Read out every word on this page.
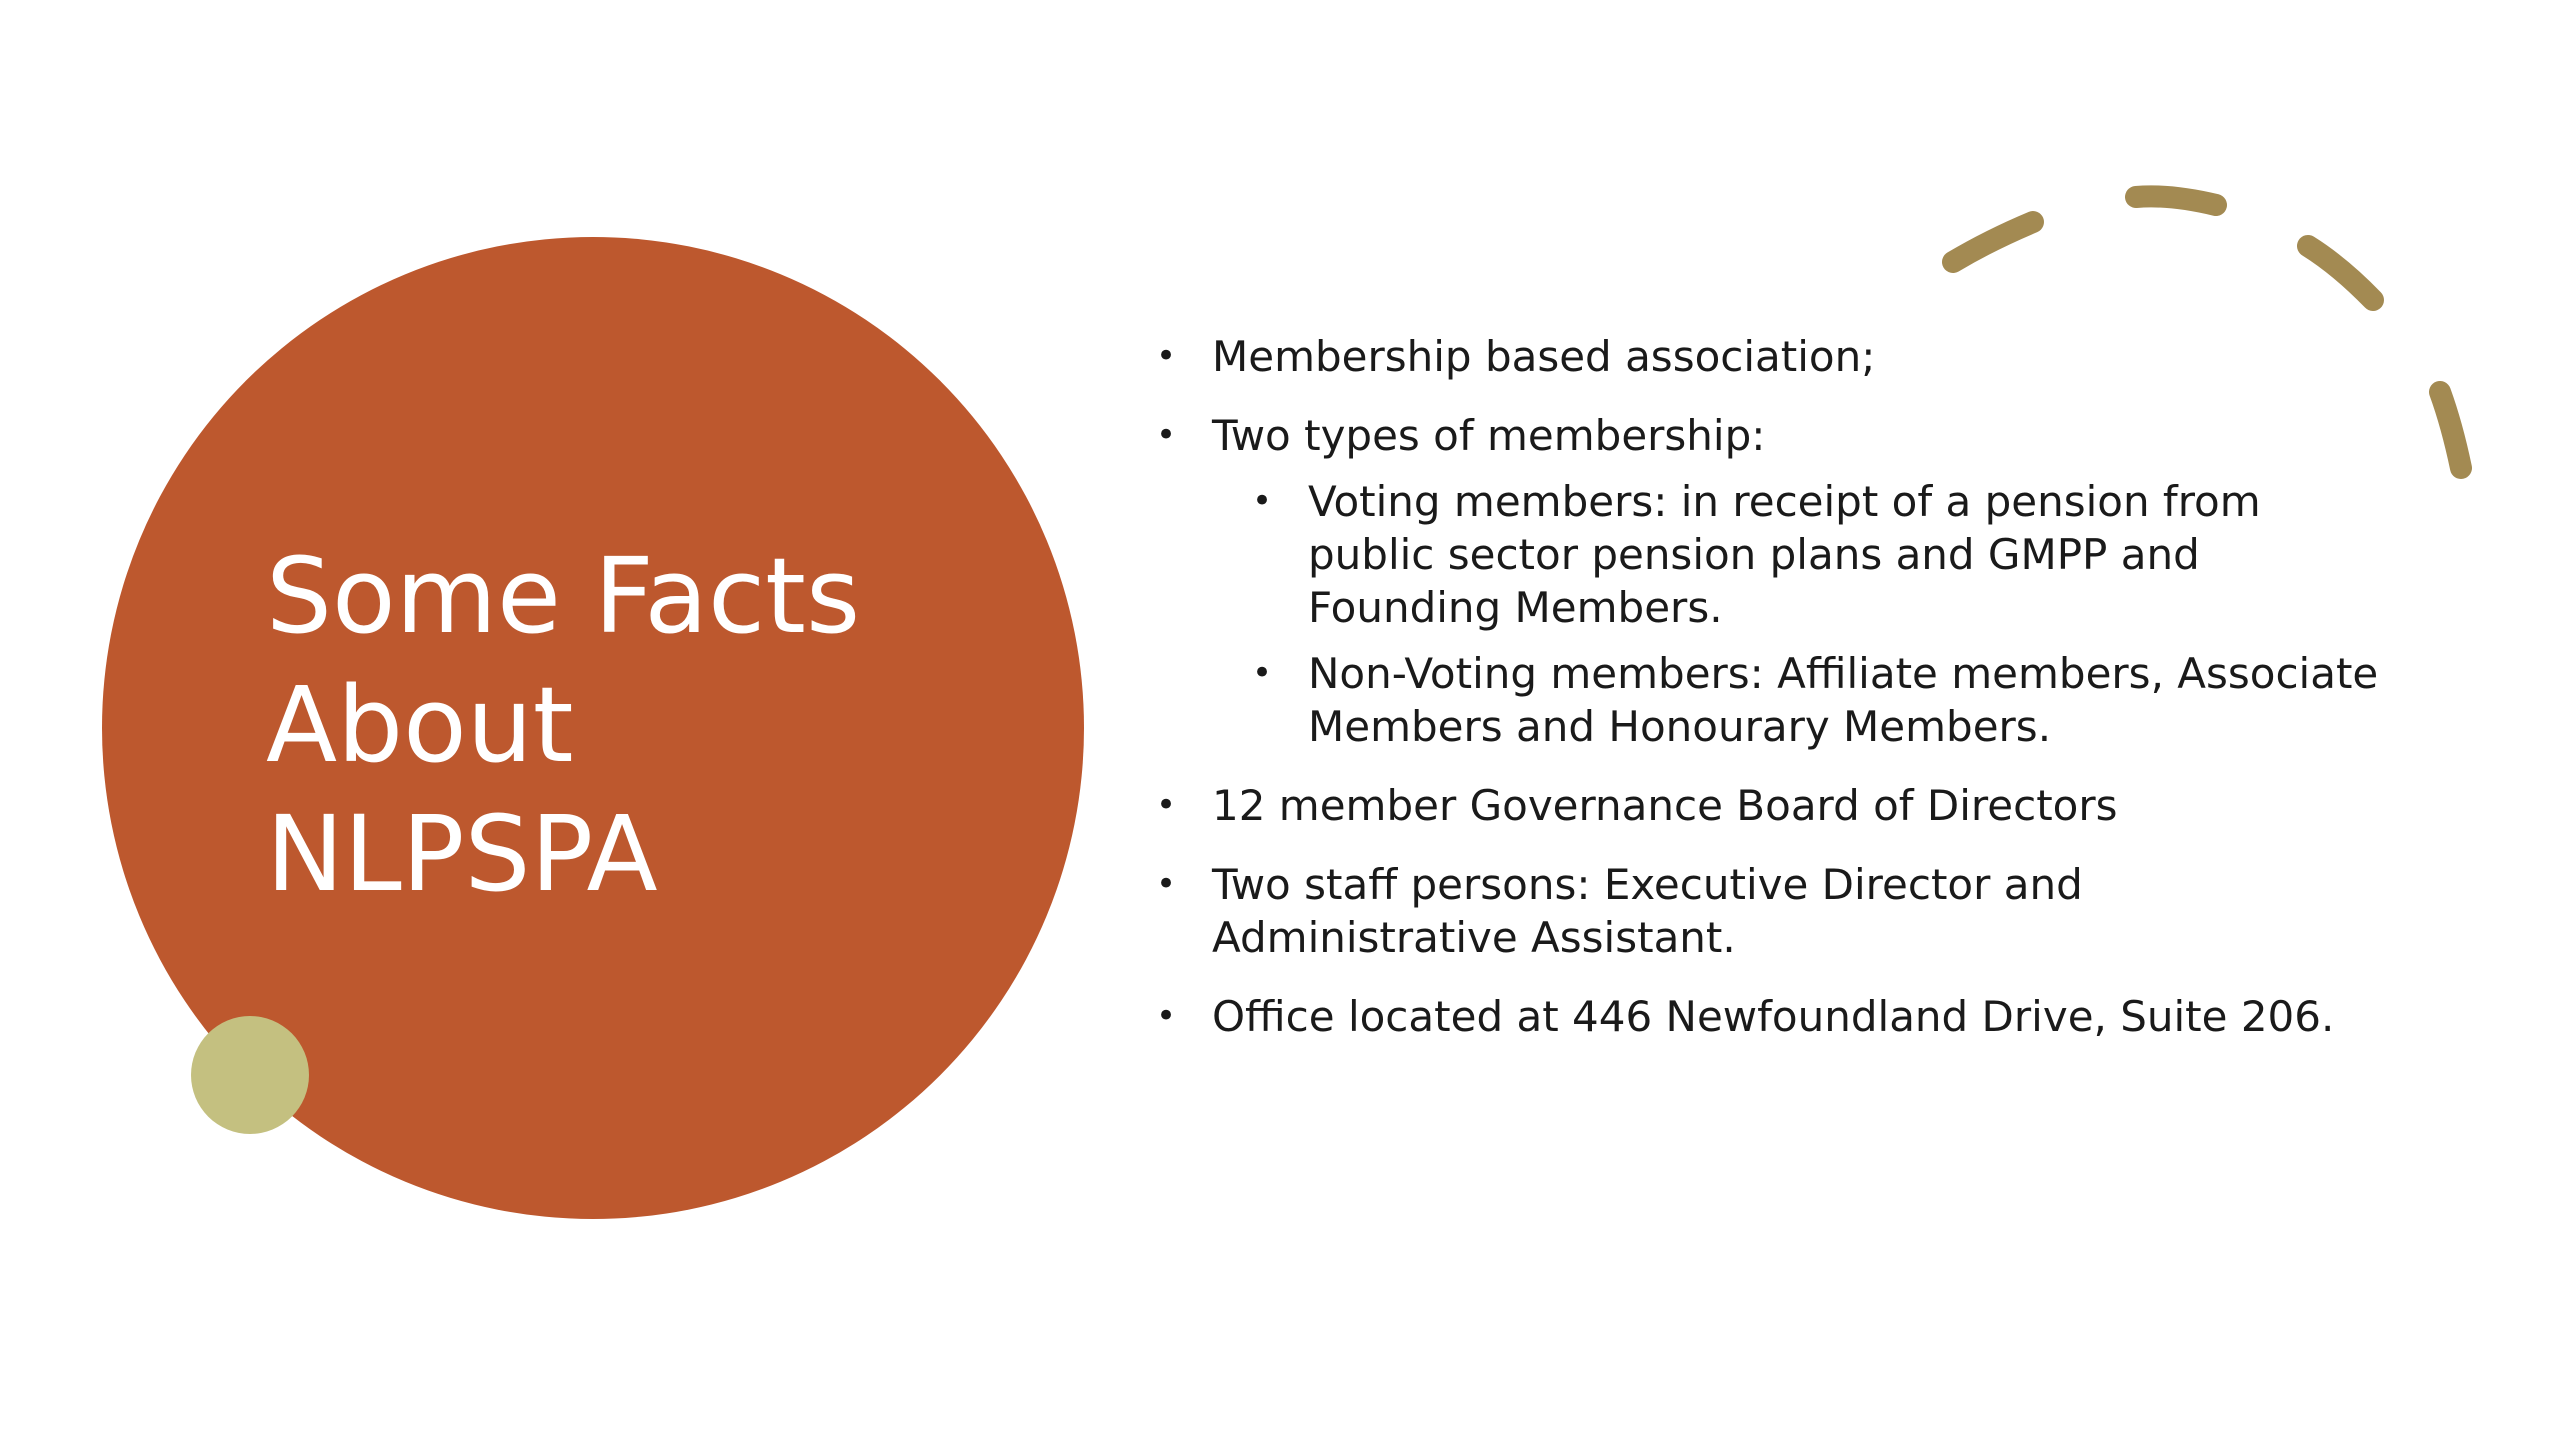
Some Facts
About
NLPSPA
• Membership based association;
• Two types of membership:
• Voting members: in receipt of a pension from public sector pension plans and GMPP and Founding Members.
• Non-Voting members: Affiliate members, Associate Members and Honourary Members.
• 12 member Governance Board of Directors
• Two staff persons: Executive Director and Administrative Assistant.
• Office located at 446 Newfoundland Drive, Suite 206.
